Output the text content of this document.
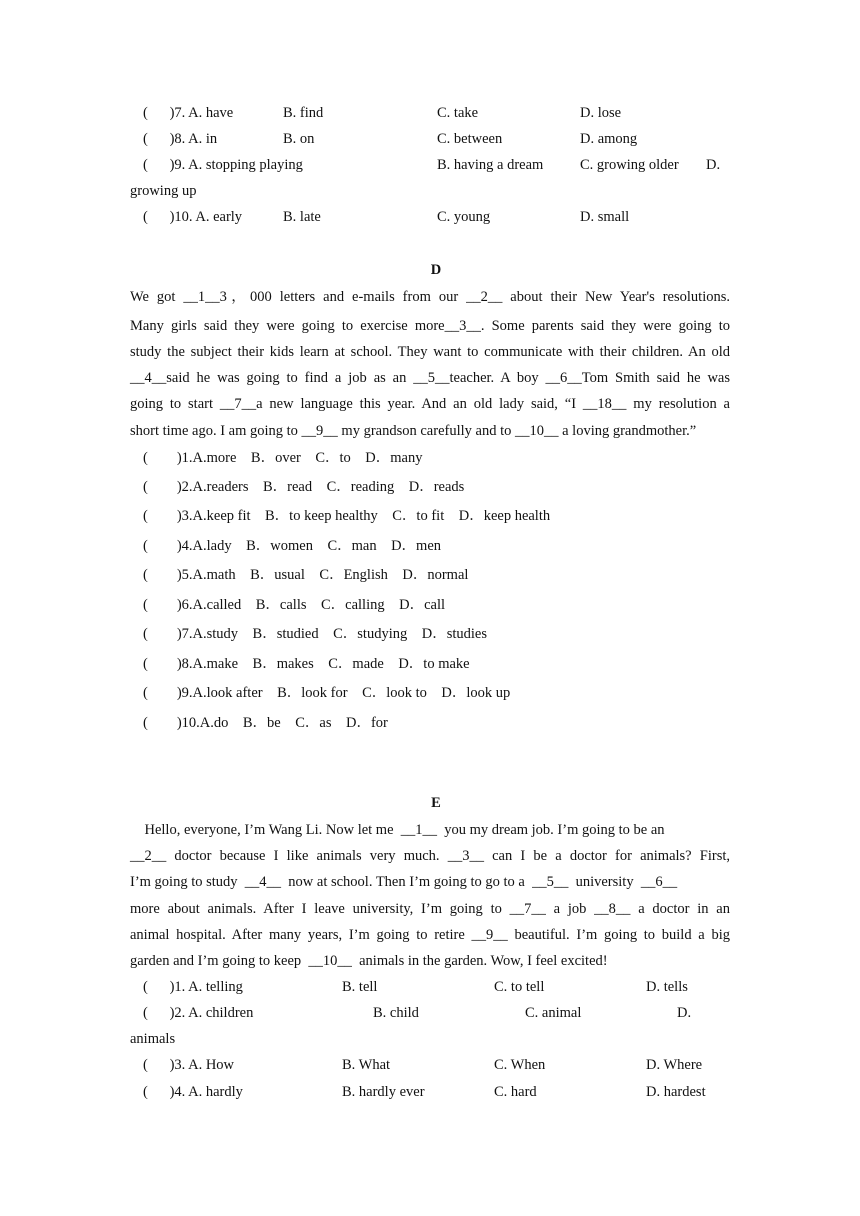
(      )7. A. have	B. find	C. take	D. lose
(      )8. A. in	B. on	C. between	D. among
(      )9. A. stopping playing	B. having a dream	C. growing older D.
growing up
(      )10. A. early	B. late	C. young	D. small
D
We got __1__3，000 letters and e-mails from our __2__ about their New Year's resolutions.
Many girls said they were going to exercise more__3__. Some parents said they were going to
study the subject their kids learn at school. They want to communicate with their children. An old
__4__said he was going to find a job as an __5__teacher. A boy __6__Tom Smith said he was
going to start __7__a new language this year. And an old lady said, “I __18__ my resolution a
short time ago. I am going to __9__ my grandson carefully and to __10__ a loving grandmother.”
(        )1.A.more    B．over    C．to    D．many
(        )2.A.readers    B．read    C．reading    D．reads
(        )3.A.keep fit    B．to keep healthy    C．to fit    D．keep health
(        )4.A.lady    B．women    C．man    D．men
(        )5.A.math    B．usual    C．English    D．normal
(        )6.A.called    B．calls    C．calling    D．call
(        )7.A.study    B．studied    C．studying    D．studies
(        )8.A.make    B．makes    C．made    D．to make
(        )9.A.look after    B．look for    C．look to    D．look up
(        )10.A.do    B．be    C．as    D．for
E
Hello, everyone, I’m Wang Li. Now let me  __1__  you my dream job. I’m going to be an
__2__ doctor because I like animals very much. __3__ can I be a doctor for animals? First,
I’m going to study  __4__  now at school. Then I’m going to go to a  __5__  university  __6__
more about animals. After I leave university, I’m going to __7__ a job __8__ a doctor in an
animal hospital. After many years, I’m going to retire __9__ beautiful. I’m going to build a big
garden and I’m going to keep  __10__  animals in the garden. Wow, I feel excited!
(      )1. A. telling	B. tell	C. to tell	D. tells
(      )2. A. children	B. child	C. animal	D.
animals
(      )3. A. How	B. What	C. When	D. Where
(      )4. A. hardly	B. hardly ever	C. hard	D. hardest
